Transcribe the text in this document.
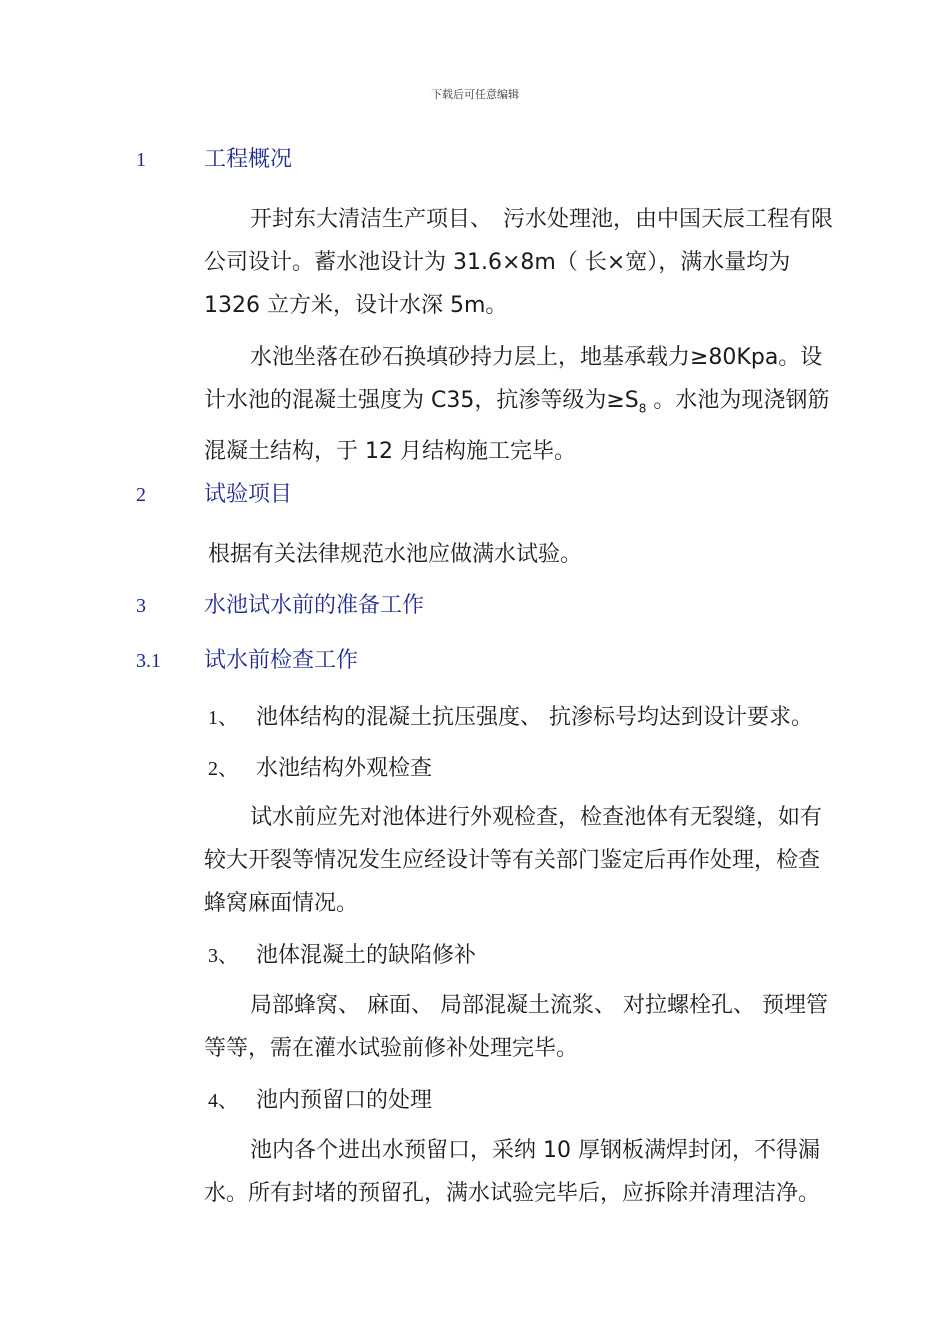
下载后可任意编辑
1	工程概况
开封东大清洁生产项目、　污水处理池，由中国天辰工程有限公司设计。蓄水池设计为 31.6×8m（ 长×宽），满水量均为 1326 立方米，设计水深 5m。
水池坐落在砂石换填砂持力层上，地基承载力≥80Kpa。设计水池的混凝土强度为 C35，抗渗等级为$\ge S_8$ 。水池为现浇钢筋混凝土结构，于 12 月结构施工完毕。
2	试验项目
根据有关法律规范水池应做满水试验。
3	水池试水前的准备工作
3.1 试水前检查工作
1、 池体结构的混凝土抗压强度、 抗渗标号均达到设计要求。
2、 水池结构外观检查
试水前应先对池体进行外观检查，检查池体有无裂缝，如有较大开裂等情况发生应经设计等有关部门鉴定后再作处理，检查蜂窝麻面情况。
3、 池体混凝土的缺陷修补
局部蜂窝、 麻面、 局部混凝土流浆、 对拉螺栓孔、 预埋管等等，需在灌水试验前修补处理完毕。
4、 池内预留口的处理
池内各个进出水预留口，采纳 10 厚钢板满焊封闭，不得漏水。所有封堵的预留孔，满水试验完毕后，应拆除并清理洁净。
